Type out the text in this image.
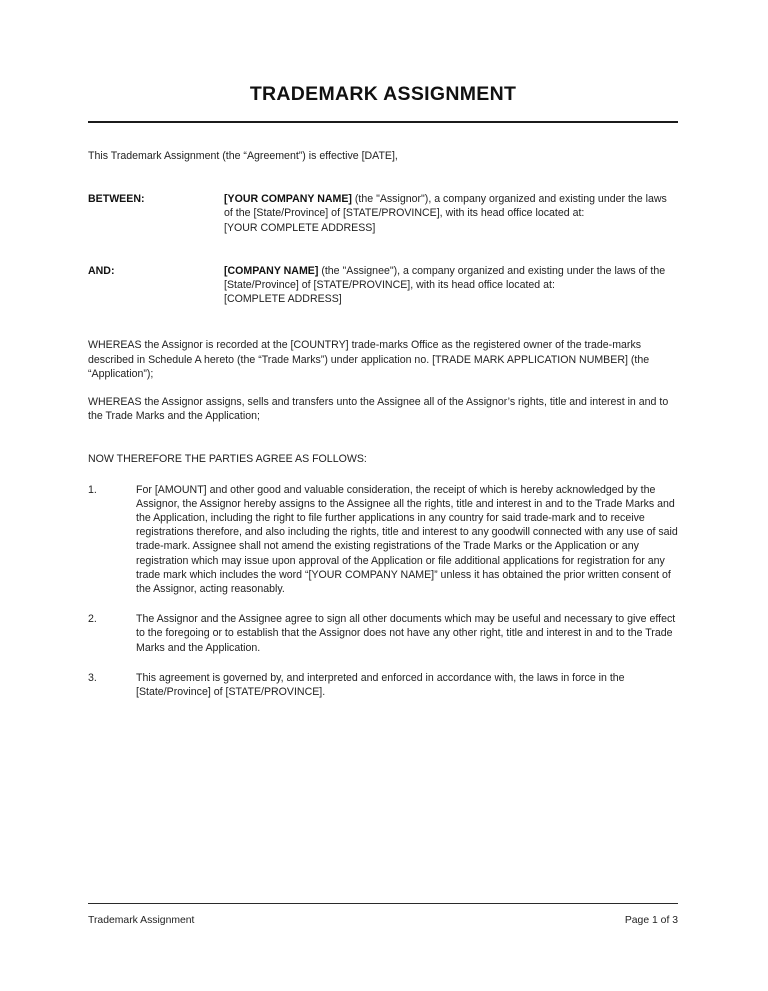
TRADEMARK ASSIGNMENT

This Trademark Assignment (the “Agreement”) is effective [DATE],

BETWEEN:	[YOUR COMPANY NAME] (the "Assignor"), a company organized and existing under the laws of the [State/Province] of [STATE/PROVINCE], with its head office located at:

[YOUR COMPLETE ADDRESS]

AND:	[COMPANY NAME] (the "Assignee"), a company organized and existing under the laws of the [State/Province] of [STATE/PROVINCE], with its head office located at:

[COMPLETE ADDRESS]

WHEREAS the Assignor is recorded at the [COUNTRY] trade-marks Office as the registered owner of the trade-marks described in Schedule A hereto (the “Trade Marks”) under application no. [TRADE MARK APPLICATION NUMBER] (the “Application”);

WHEREAS the Assignor assigns, sells and transfers unto the Assignee all of the Assignor’s rights, title and interest in and to the Trade Marks and the Application;

NOW THEREFORE THE PARTIES AGREE AS FOLLOWS:

1.	For [AMOUNT] and other good and valuable consideration, the receipt of which is hereby acknowledged by the Assignor, the Assignor hereby assigns to the Assignee all the rights, title and interest in and to the Trade Marks and the Application, including the right to file further applications in any country for said trade-mark and to receive registrations therefore, and also including the rights, title and interest to any goodwill connected with any use of said trade-mark. Assignee shall not amend the existing registrations of the Trade Marks or the Application or any registration which may issue upon approval of the Application or file additional applications for registration for any trade mark which includes the word “[YOUR COMPANY NAME]” unless it has obtained the prior written consent of the Assignor, acting reasonably.
2.	The Assignor and the Assignee agree to sign all other documents which may be useful and necessary to give effect to the foregoing or to establish that the Assignor does not have any other right, title and interest in and to the Trade Marks and the Application.
3.	This agreement is governed by, and interpreted and enforced in accordance with, the laws in force in the [State/Province] of [STATE/PROVINCE].
Trademark Assignment	Page 1 of 3
